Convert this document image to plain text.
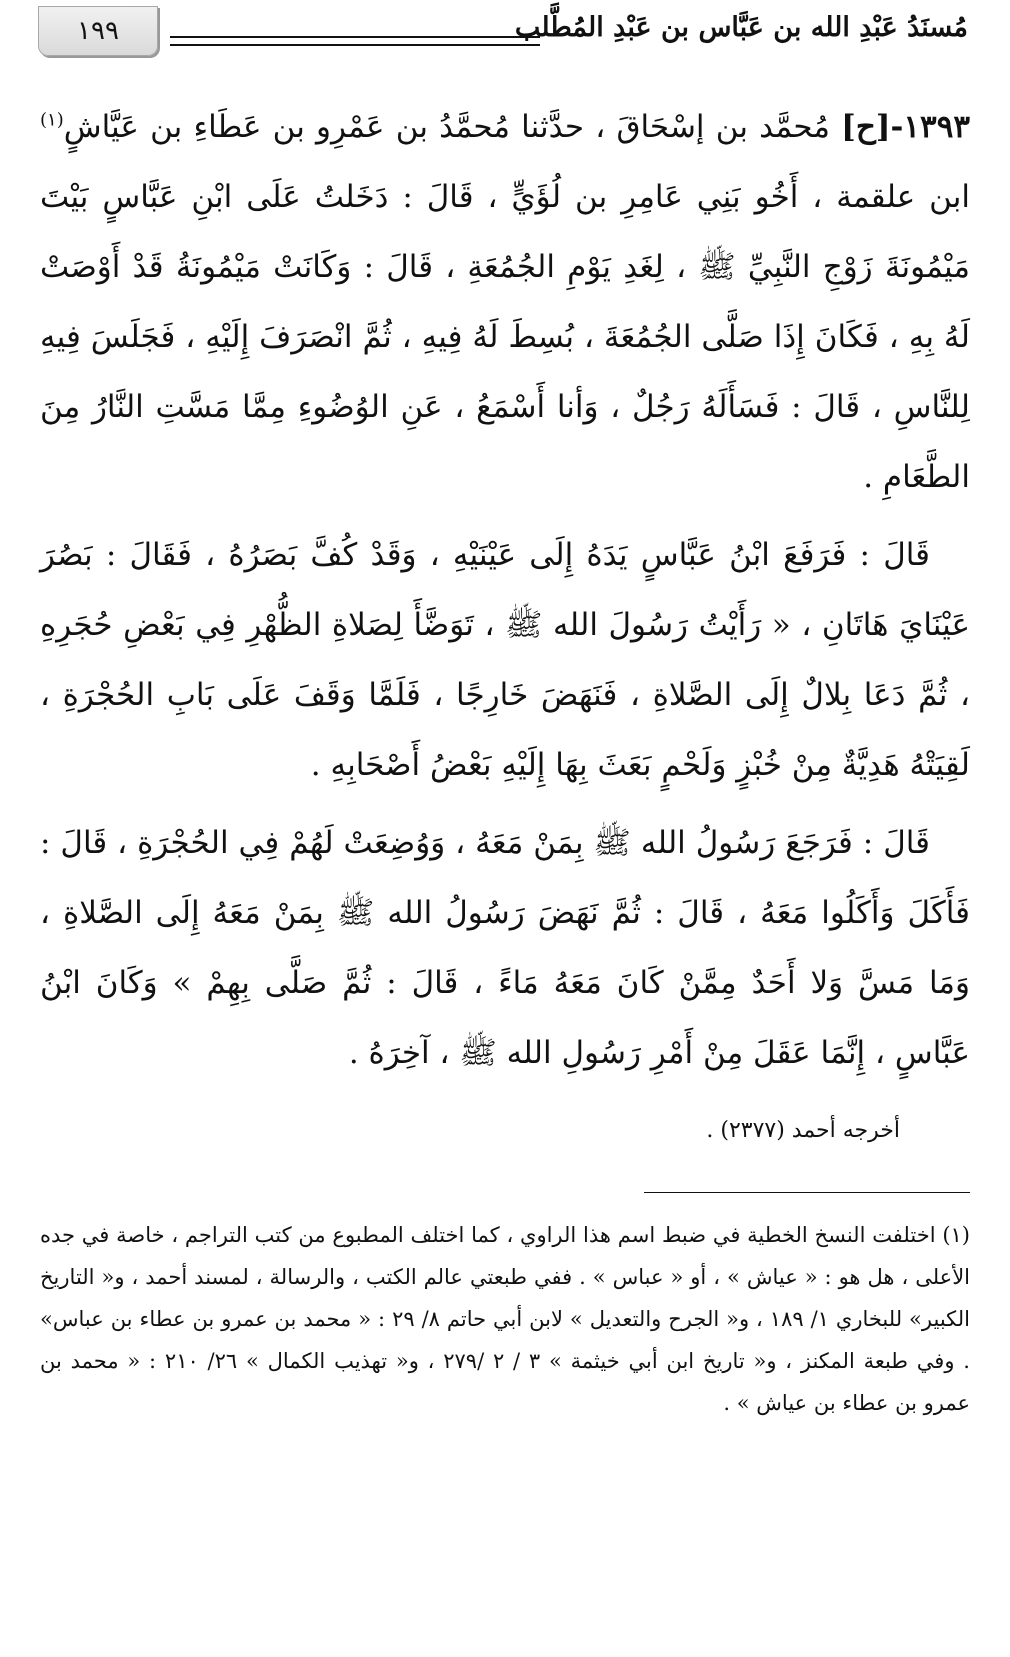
١٩٩	مُسنَدُ عَبْدِ الله بن عَبَّاس بن عَبْدِ المُطَّلب

١٣٩٣-[ح] مُحمَّد بن إسْحَاقَ ، حدَّثنا مُحمَّدُ بن عَمْرِو بن عَطَاءِ بن عَيَّاشٍ$^{(١)}$ ابن علقمة ، أَخُو بَنِي عَامِرِ بن لُؤَيٍّ ، قَالَ : دَخَلتُ عَلَى ابْنِ عَبَّاسٍ بَيْتَ مَيْمُونَةَ زَوْجِ النَّبِيِّ ﷺ ، لِغَدِ يَوْمِ الجُمُعَةِ ، قَالَ : وَكَانَتْ مَيْمُونَةُ قَدْ أَوْصَتْ لَهُ بِهِ ، فَكَانَ إِذَا صَلَّى الجُمُعَةَ ، بُسِطَ لَهُ فِيهِ ، ثُمَّ انْصَرَفَ إِلَيْهِ ، فَجَلَسَ فِيهِ لِلنَّاسِ ، قَالَ : فَسَأَلَهُ رَجُلٌ ، وَأنا أَسْمَعُ ، عَنِ الوُضُوءِ مِمَّا مَسَّتِ النَّارُ مِنَ الطَّعَامِ .

قَالَ : فَرَفَعَ ابْنُ عَبَّاسٍ يَدَهُ إِلَى عَيْنَيْهِ ، وَقَدْ كُفَّ بَصَرُهُ ، فَقَالَ : بَصُرَ عَيْنَايَ هَاتَانِ ، « رَأَيْتُ رَسُولَ الله ﷺ ، تَوَضَّأَ لِصَلاةِ الظُّهْرِ فِي بَعْضِ حُجَرِهِ ، ثُمَّ دَعَا بِلالٌ إِلَى الصَّلاةِ ، فَنَهَضَ خَارِجًا ، فَلَمَّا وَقَفَ عَلَى بَابِ الحُجْرَةِ ، لَقِيَتْهُ هَدِيَّةٌ مِنْ خُبْزٍ وَلَحْمٍ بَعَثَ بِهَا إِلَيْهِ بَعْضُ أَصْحَابِهِ .

قَالَ : فَرَجَعَ رَسُولُ الله ﷺ بِمَنْ مَعَهُ ، وَوُضِعَتْ لَهُمْ فِي الحُجْرَةِ ، قَالَ : فَأَكَلَ وَأَكَلُوا مَعَهُ ، قَالَ : ثُمَّ نَهَضَ رَسُولُ الله ﷺ بِمَنْ مَعَهُ إِلَى الصَّلاةِ ، وَمَا مَسَّ وَلا أَحَدٌ مِمَّنْ كَانَ مَعَهُ مَاءً ، قَالَ : ثُمَّ صَلَّى بِهِمْ » وَكَانَ ابْنُ عَبَّاسٍ ، إِنَّمَا عَقَلَ مِنْ أَمْرِ رَسُولِ الله ﷺ ، آخِرَهُ .

أخرجه أحمد (٢٣٧٧) .

(١) اختلفت النسخ الخطية في ضبط اسم هذا الراوي ، كما اختلف المطبوع من كتب التراجم ، خاصة في جده الأعلى ، هل هو : « عياش » ، أو « عباس » . ففي طبعتي عالم الكتب ، والرسالة ، لمسند أحمد ، و« التاريخ الكبير» للبخاري ١/ ١٨٩ ، و« الجرح والتعديل » لابن أبي حاتم ٨/ ٢٩ : « محمد بن عمرو بن عطاء بن عباس» . وفي طبعة المكنز ، و« تاريخ ابن أبي خيثمة » ٣ / ٢ /٢٧٩ ، و« تهذيب الكمال » ٢٦/ ٢١٠ : « محمد بن عمرو بن عطاء بن عياش » .
